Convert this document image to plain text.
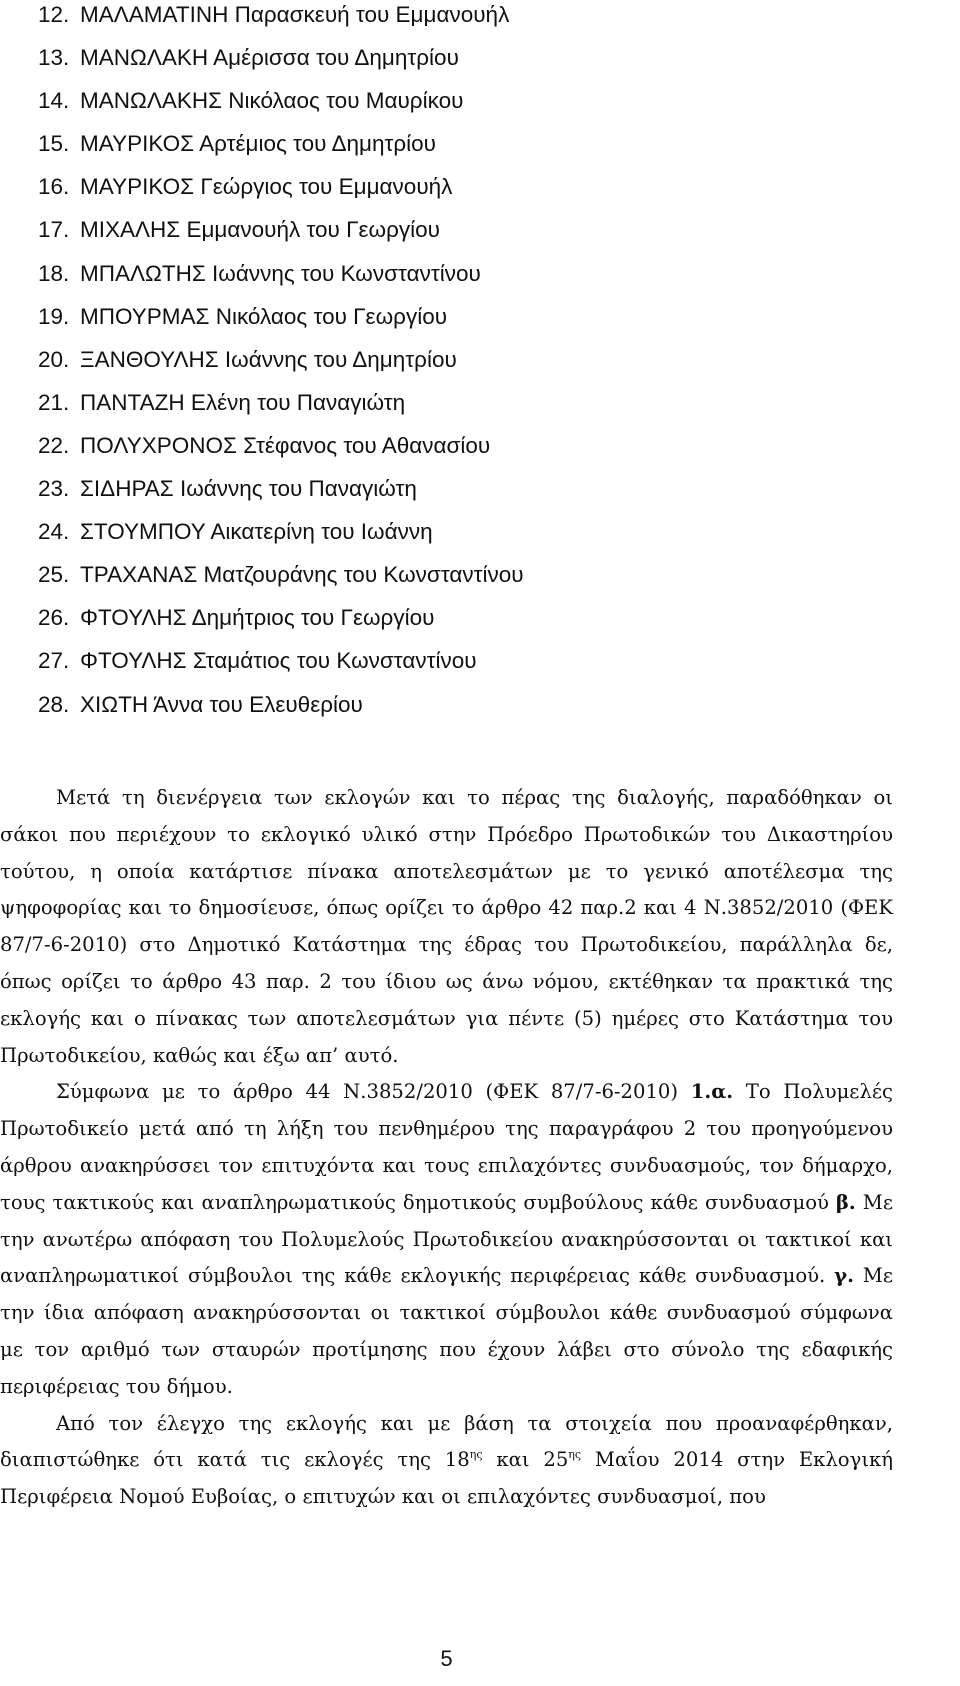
12. ΜΑΛΑΜΑΤΙΝΗ Παρασκευή του Εμμανουήλ
13. ΜΑΝΩΛΑΚΗ Αμέρισσα του Δημητρίου
14. ΜΑΝΩΛΑΚΗΣ Νικόλαος του Μαυρίκου
15. ΜΑΥΡΙΚΟΣ Αρτέμιος του Δημητρίου
16. ΜΑΥΡΙΚΟΣ Γεώργιος του Εμμανουήλ
17. ΜΙΧΑΛΗΣ Εμμανουήλ του Γεωργίου
18. ΜΠΑΛΩΤΗΣ Ιωάννης του Κωνσταντίνου
19. ΜΠΟΥΡΜΑΣ Νικόλαος του Γεωργίου
20. ΞΑΝΘΟΥΛΗΣ Ιωάννης του Δημητρίου
21. ΠΑΝΤΑΖΗ Ελένη του Παναγιώτη
22. ΠΟΛΥΧΡΟΝΟΣ Στέφανος του Αθανασίου
23. ΣΙΔΗΡΑΣ Ιωάννης του Παναγιώτη
24. ΣΤΟΥΜΠΟΥ Αικατερίνη του Ιωάννη
25. ΤΡΑΧΑΝΑΣ Ματζουράνης του Κωνσταντίνου
26. ΦΤΟΥΛΗΣ Δημήτριος του Γεωργίου
27. ΦΤΟΥΛΗΣ Σταμάτιος του Κωνσταντίνου
28. ΧΙΩΤΗ Άννα του Ελευθερίου

Μετά τη διενέργεια των εκλογών και το πέρας της διαλογής, παραδόθηκαν οι σάκοι που περιέχουν το εκλογικό υλικό στην Πρόεδρο Πρωτοδικών του Δικαστηρίου τούτου, η οποία κατάρτισε πίνακα αποτελεσμάτων με το γενικό αποτέλεσμα της ψηφοφορίας και το δημοσίευσε, όπως ορίζει το άρθρο 42 παρ.2 και 4 Ν.3852/2010 (ΦΕΚ 87/7-6-2010) στο Δημοτικό Κατάστημα της έδρας του Πρωτοδικείου, παράλληλα δε, όπως ορίζει το άρθρο 43 παρ. 2 του ίδιου ως άνω νόμου, εκτέθηκαν τα πρακτικά της εκλογής και ο πίνακας των αποτελεσμάτων για πέντε (5) ημέρες στο Κατάστημα του Πρωτοδικείου, καθώς και έξω απ’ αυτό.

Σύμφωνα με το άρθρο 44 Ν.3852/2010 (ΦΕΚ 87/7-6-2010) 1.α. Το Πολυμελές Πρωτοδικείο μετά από τη λήξη του πενθημέρου της παραγράφου 2 του προηγούμενου άρθρου ανακηρύσσει τον επιτυχόντα και τους επιλαχόντες συνδυασμούς, τον δήμαρχο, τους τακτικούς και αναπληρωματικούς δημοτικούς συμβούλους κάθε συνδυασμού β. Με την ανωτέρω απόφαση του Πολυμελούς Πρωτοδικείου ανακηρύσσονται οι τακτικοί και αναπληρωματικοί σύμβουλοι της κάθε εκλογικής περιφέρειας κάθε συνδυασμού. γ. Με την ίδια απόφαση ανακηρύσσονται οι τακτικοί σύμβουλοι κάθε συνδυασμού σύμφωνα με τον αριθμό των σταυρών προτίμησης που έχουν λάβει στο σύνολο της εδαφικής περιφέρειας του δήμου.

Από τον έλεγχο της εκλογής και με βάση τα στοιχεία που προαναφέρθηκαν, διαπιστώθηκε ότι κατά τις εκλογές της $18^{\eta\varsigma}$ και $25^{\eta\varsigma}$ Μαΐου 2014 στην Εκλογική Περιφέρεια Νομού Ευβοίας, ο επιτυχών και οι επιλαχόντες συνδυασμοί, που

5
